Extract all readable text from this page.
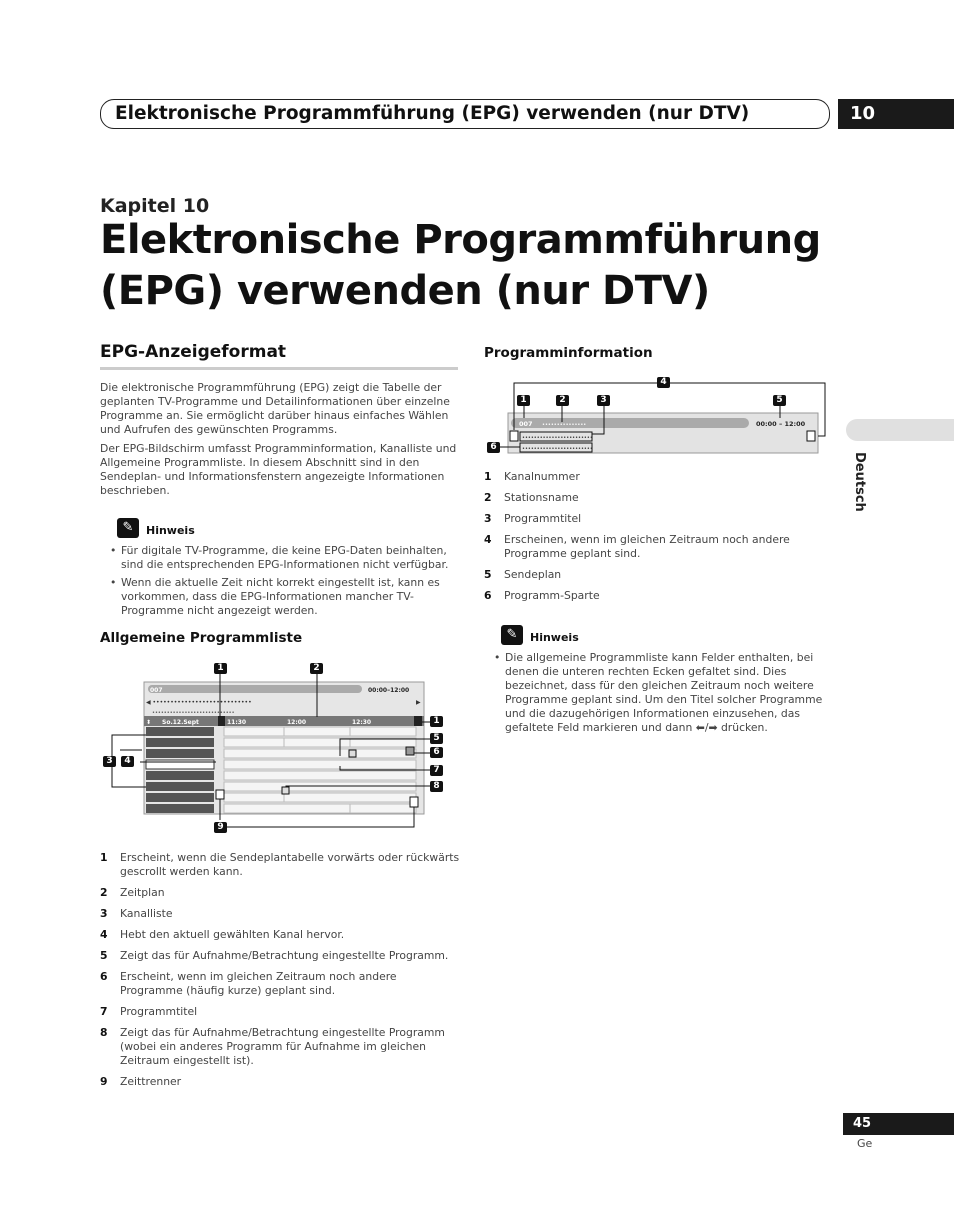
Elektronische Programmführung (EPG) verwenden (nur DTV)	10
Kapitel 10
Elektronische Programmführung
(EPG) verwenden (nur DTV)
Deutsch
EPG-Anzeigeformat
Die elektronische Programmführung (EPG) zeigt die Tabelle der geplanten TV-Programme und Detailinformationen über einzelne Programme an. Sie ermöglicht darüber hinaus einfaches Wählen und Aufrufen des gewünschten Programms.
Der EPG-Bildschirm umfasst Programminformation, Kanalliste und Allgemeine Programmliste. In diesem Abschnitt sind in den Sendeplan- und Informationsfenstern angezeigte Informationen beschrieben.
✎	Hinweis
• Für digitale TV-Programme, die keine EPG-Daten beinhalten, sind die entsprechenden EPG-Informationen nicht verfügbar.
• Wenn die aktuelle Zeit nicht korrekt eingestellt ist, kann es vorkommen, dass die EPG-Informationen mancher TV-Programme nicht angezeigt werden.
Allgemeine Programmliste
007	00:00–12:00
◀ ••••••••••••••••••••••••••••	▶
••••••••••••••••••••••••••••
⬍ So.12.Sept	11:30	12:00	12:30
1	2
3	4
1
5
6
7
8
9
1	Erscheint, wenn die Sendeplantabelle vorwärts oder rückwärts gescrollt werden kann.
2	Zeitplan
3	Kanalliste
4	Hebt den aktuell gewählten Kanal hervor.
5	Zeigt das für Aufnahme/Betrachtung eingestellte Programm.
6	Erscheint, wenn im gleichen Zeitraum noch andere Programme (häufig kurze) geplant sind.
7	Programmtitel
8	Zeigt das für Aufnahme/Betrachtung eingestellte Programm (wobei ein anderes Programm für Aufnahme im gleichen Zeitraum eingestellt ist).
9	Zeittrenner
Programminformation
007 •••••••••••••••	00:00 – 12:00
••••••••••••••••••••••••
••••••••••••••••••••••••
4
1	2	3	5
6
1	Kanalnummer
2	Stationsname
3	Programmtitel
4	Erscheinen, wenn im gleichen Zeitraum noch andere Programme geplant sind.
5	Sendeplan
6	Programm-Sparte
✎	Hinweis
• Die allgemeine Programmliste kann Felder enthalten, bei denen die unteren rechten Ecken gefaltet sind. Dies bezeichnet, dass für den gleichen Zeitraum noch weitere Programme geplant sind. Um den Titel solcher Programme und die dazugehörigen Informationen einzusehen, das gefaltete Feld markieren und dann ⬅/➡ drücken.
45
Ge
